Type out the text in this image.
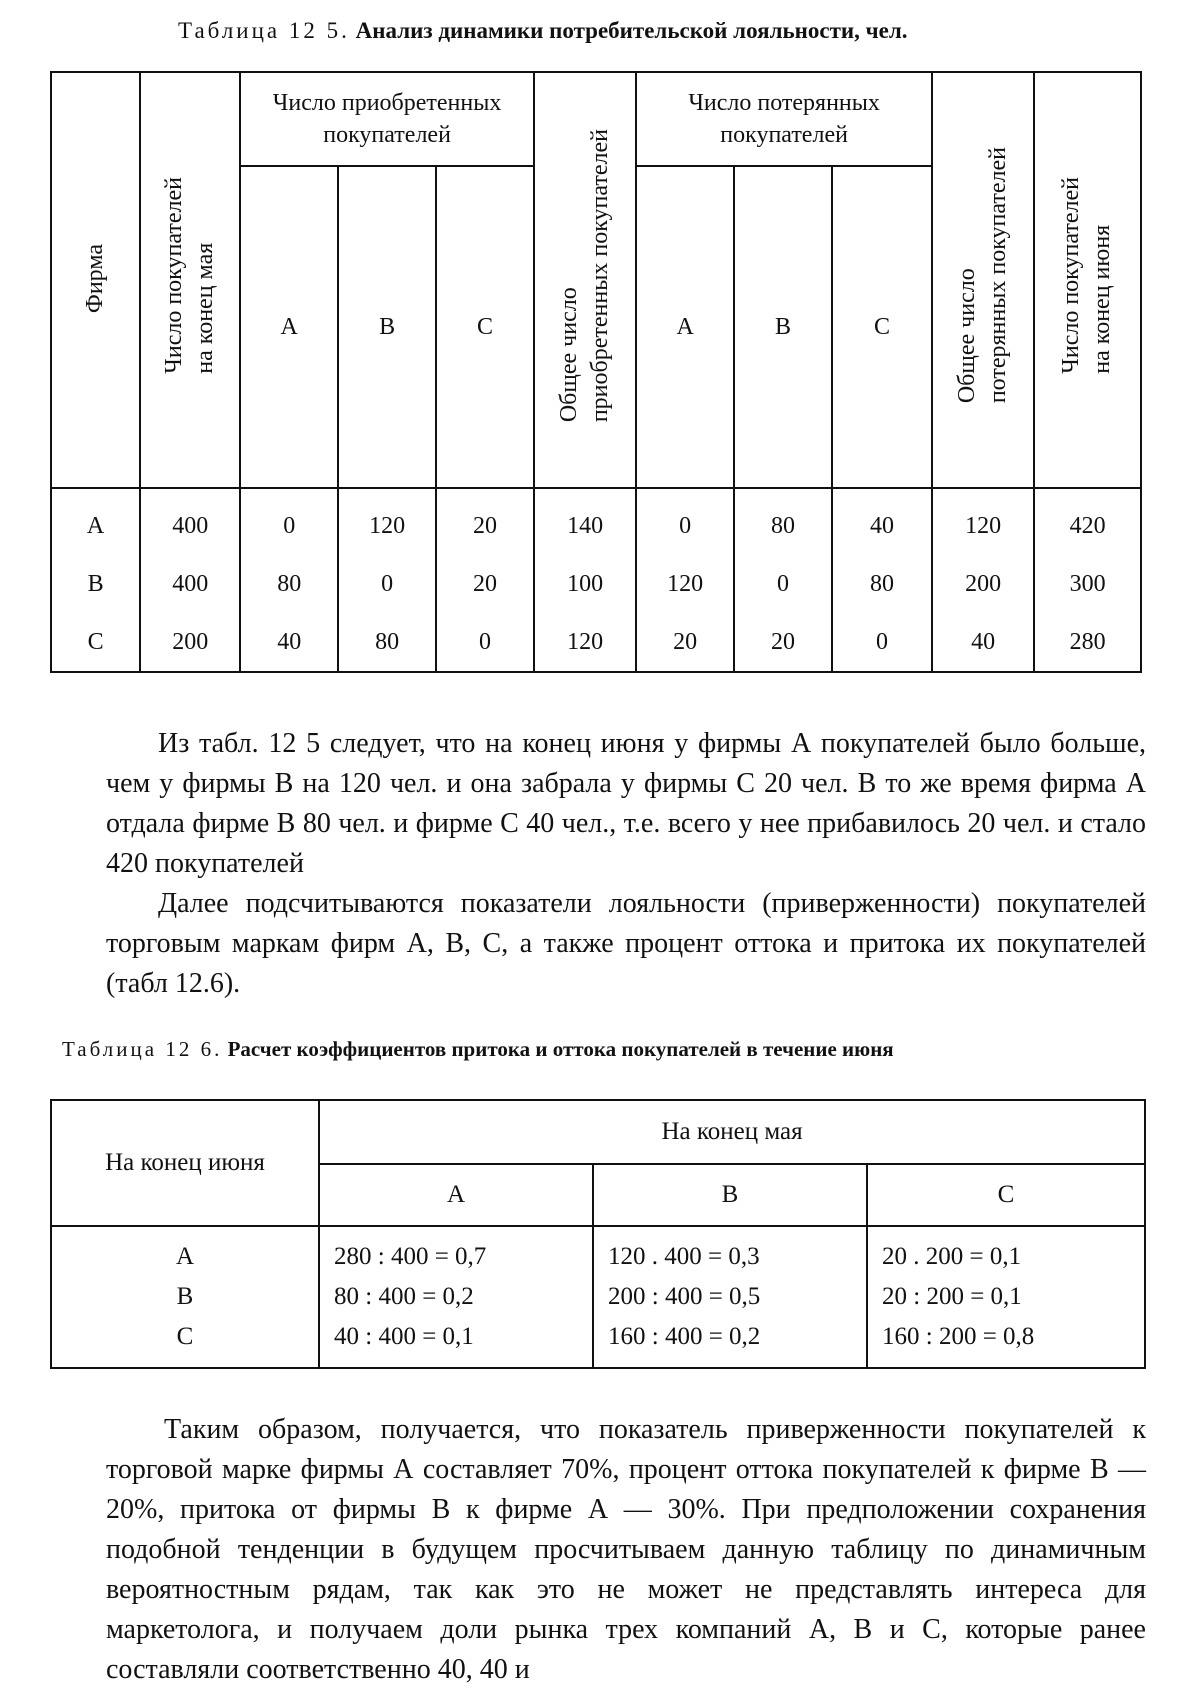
Таблица 12 5. Анализ динамики потребительской лояльности, чел.
Фирма	Число покупателей на конец мая	Число приобретенных покупателей			Общее число приобретенных покупателей	Число потерянных покупателей			Общее число потерянных покупателей	Число покупателей на конец июня
		А	В	С		А	В	С		
А	400	0	120	20	140	0	80	40	120	420
В	400	80	0	20	100	120	0	80	200	300
С	200	40	80	0	120	20	20	0	40	280

Из табл. 12 5 следует, что на конец июня у фирмы А покупателей было больше, чем у фирмы В на 120 чел. и она забрала у фирмы С 20 чел. В то же время фирма А отдала фирме В 80 чел. и фирме С 40 чел., т.е. всего у нее прибавилось 20 чел. и стало 420 покупателей

Далее подсчитываются показатели лояльности (приверженности) покупателей торговым маркам фирм А, В, С, а также процент оттока и притока их покупателей (табл 12.6).

Таблица 12 6. Расчет коэффициентов притока и оттока покупателей в течение июня
На конец июня	На конец мая		
	А	В	С
А	280 : 400 = 0,7	120 . 400 = 0,3	20 . 200 = 0,1
В	80 : 400 = 0,2	200 : 400 = 0,5	20 : 200 = 0,1
С	40 : 400 = 0,1	160 : 400 = 0,2	160 : 200 = 0,8

Таким образом, получается, что показатель приверженности покупателей к торговой марке фирмы А составляет 70%, процент оттока покупателей к фирме В — 20%, притока от фирмы В к фирме А — 30%. При предположении сохранения подобной тенденции в будущем просчитываем данную таблицу по динамичным вероятностным рядам, так как это не может не представлять интереса для маркетолога, и получаем доли рынка трех компаний А, В и С, которые ранее составляли соответственно 40, 40 и
